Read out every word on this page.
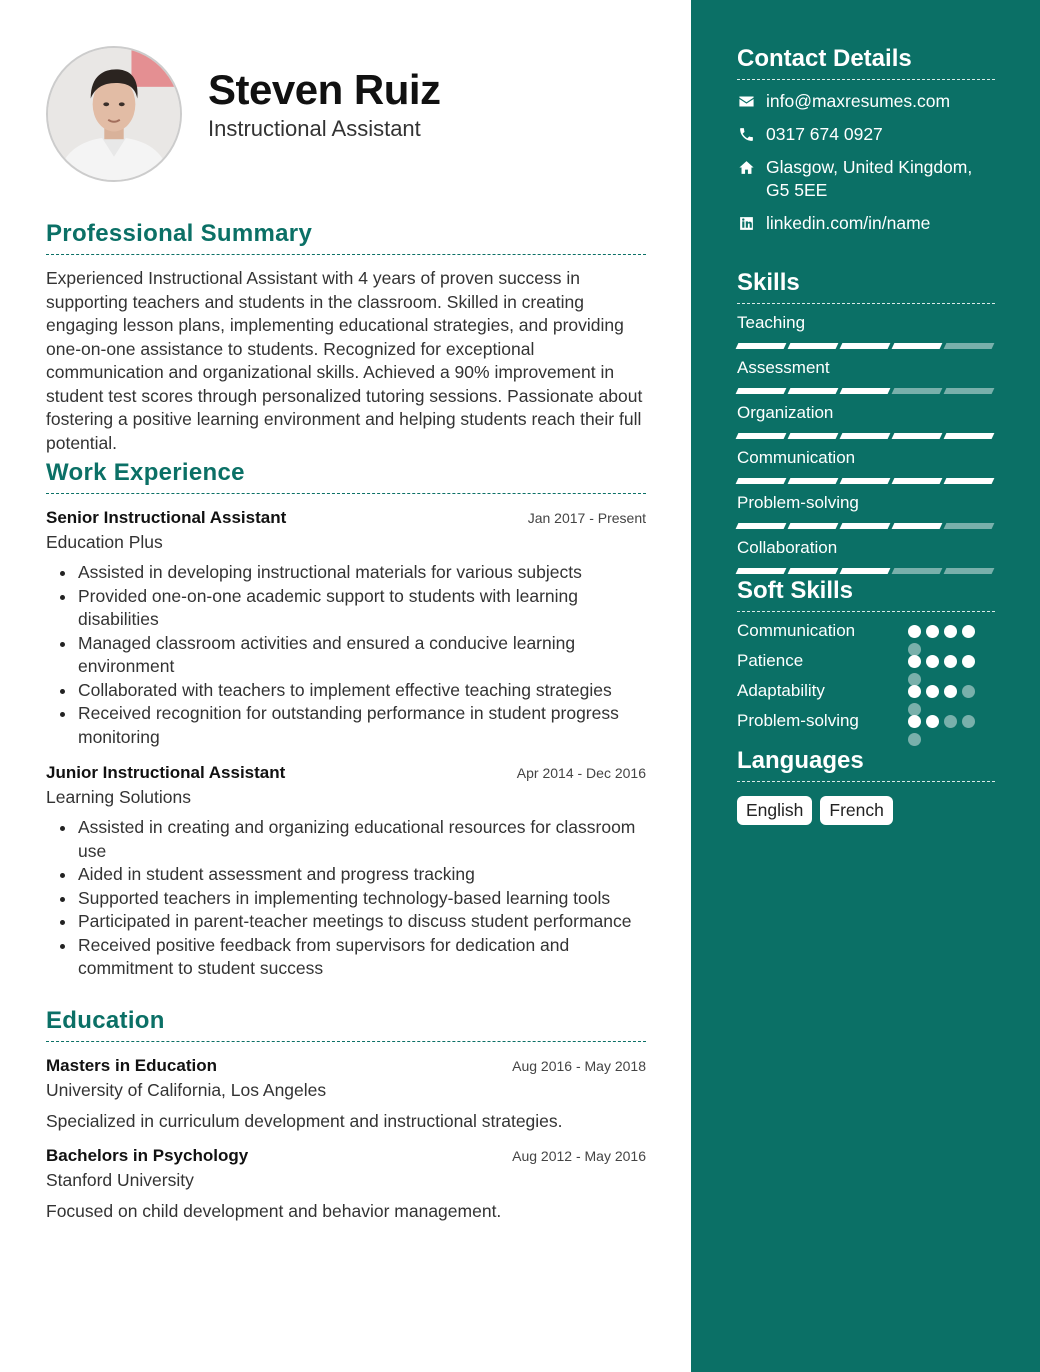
Steven Ruiz
Instructional Assistant
Professional Summary

Experienced Instructional Assistant with 4 years of proven success in supporting teachers and students in the classroom. Skilled in creating engaging lesson plans, implementing educational strategies, and providing one-on-one assistance to students. Recognized for exceptional communication and organizational skills. Achieved a 90% improvement in student test scores through personalized tutoring sessions. Passionate about fostering a positive learning environment and helping students reach their full potential.

Work Experience
Senior Instructional Assistant	Jan 2017 - Present
Education Plus
Assisted in developing instructional materials for various subjects
Provided one-on-one academic support to students with learning disabilities
Managed classroom activities and ensured a conducive learning environment
Collaborated with teachers to implement effective teaching strategies
Received recognition for outstanding performance in student progress monitoring
Junior Instructional Assistant	Apr 2014 - Dec 2016
Learning Solutions
Assisted in creating and organizing educational resources for classroom use
Aided in student assessment and progress tracking
Supported teachers in implementing technology-based learning tools
Participated in parent-teacher meetings to discuss student performance
Received positive feedback from supervisors for dedication and commitment to student success
Education
Masters in Education	Aug 2016 - May 2018
University of California, Los Angeles
Specialized in curriculum development and instructional strategies.
Bachelors in Psychology	Aug 2012 - May 2016
Stanford University
Focused on child development and behavior management.
Contact Details
info@maxresumes.com
0317 674 0927
Glasgow, United Kingdom, G5 5EE
linkedin.com/in/name
Skills
Teaching
Assessment
Organization
Communication
Problem-solving
Collaboration
Soft Skills
Communication
Patience
Adaptability
Problem-solving
Languages
English	French
